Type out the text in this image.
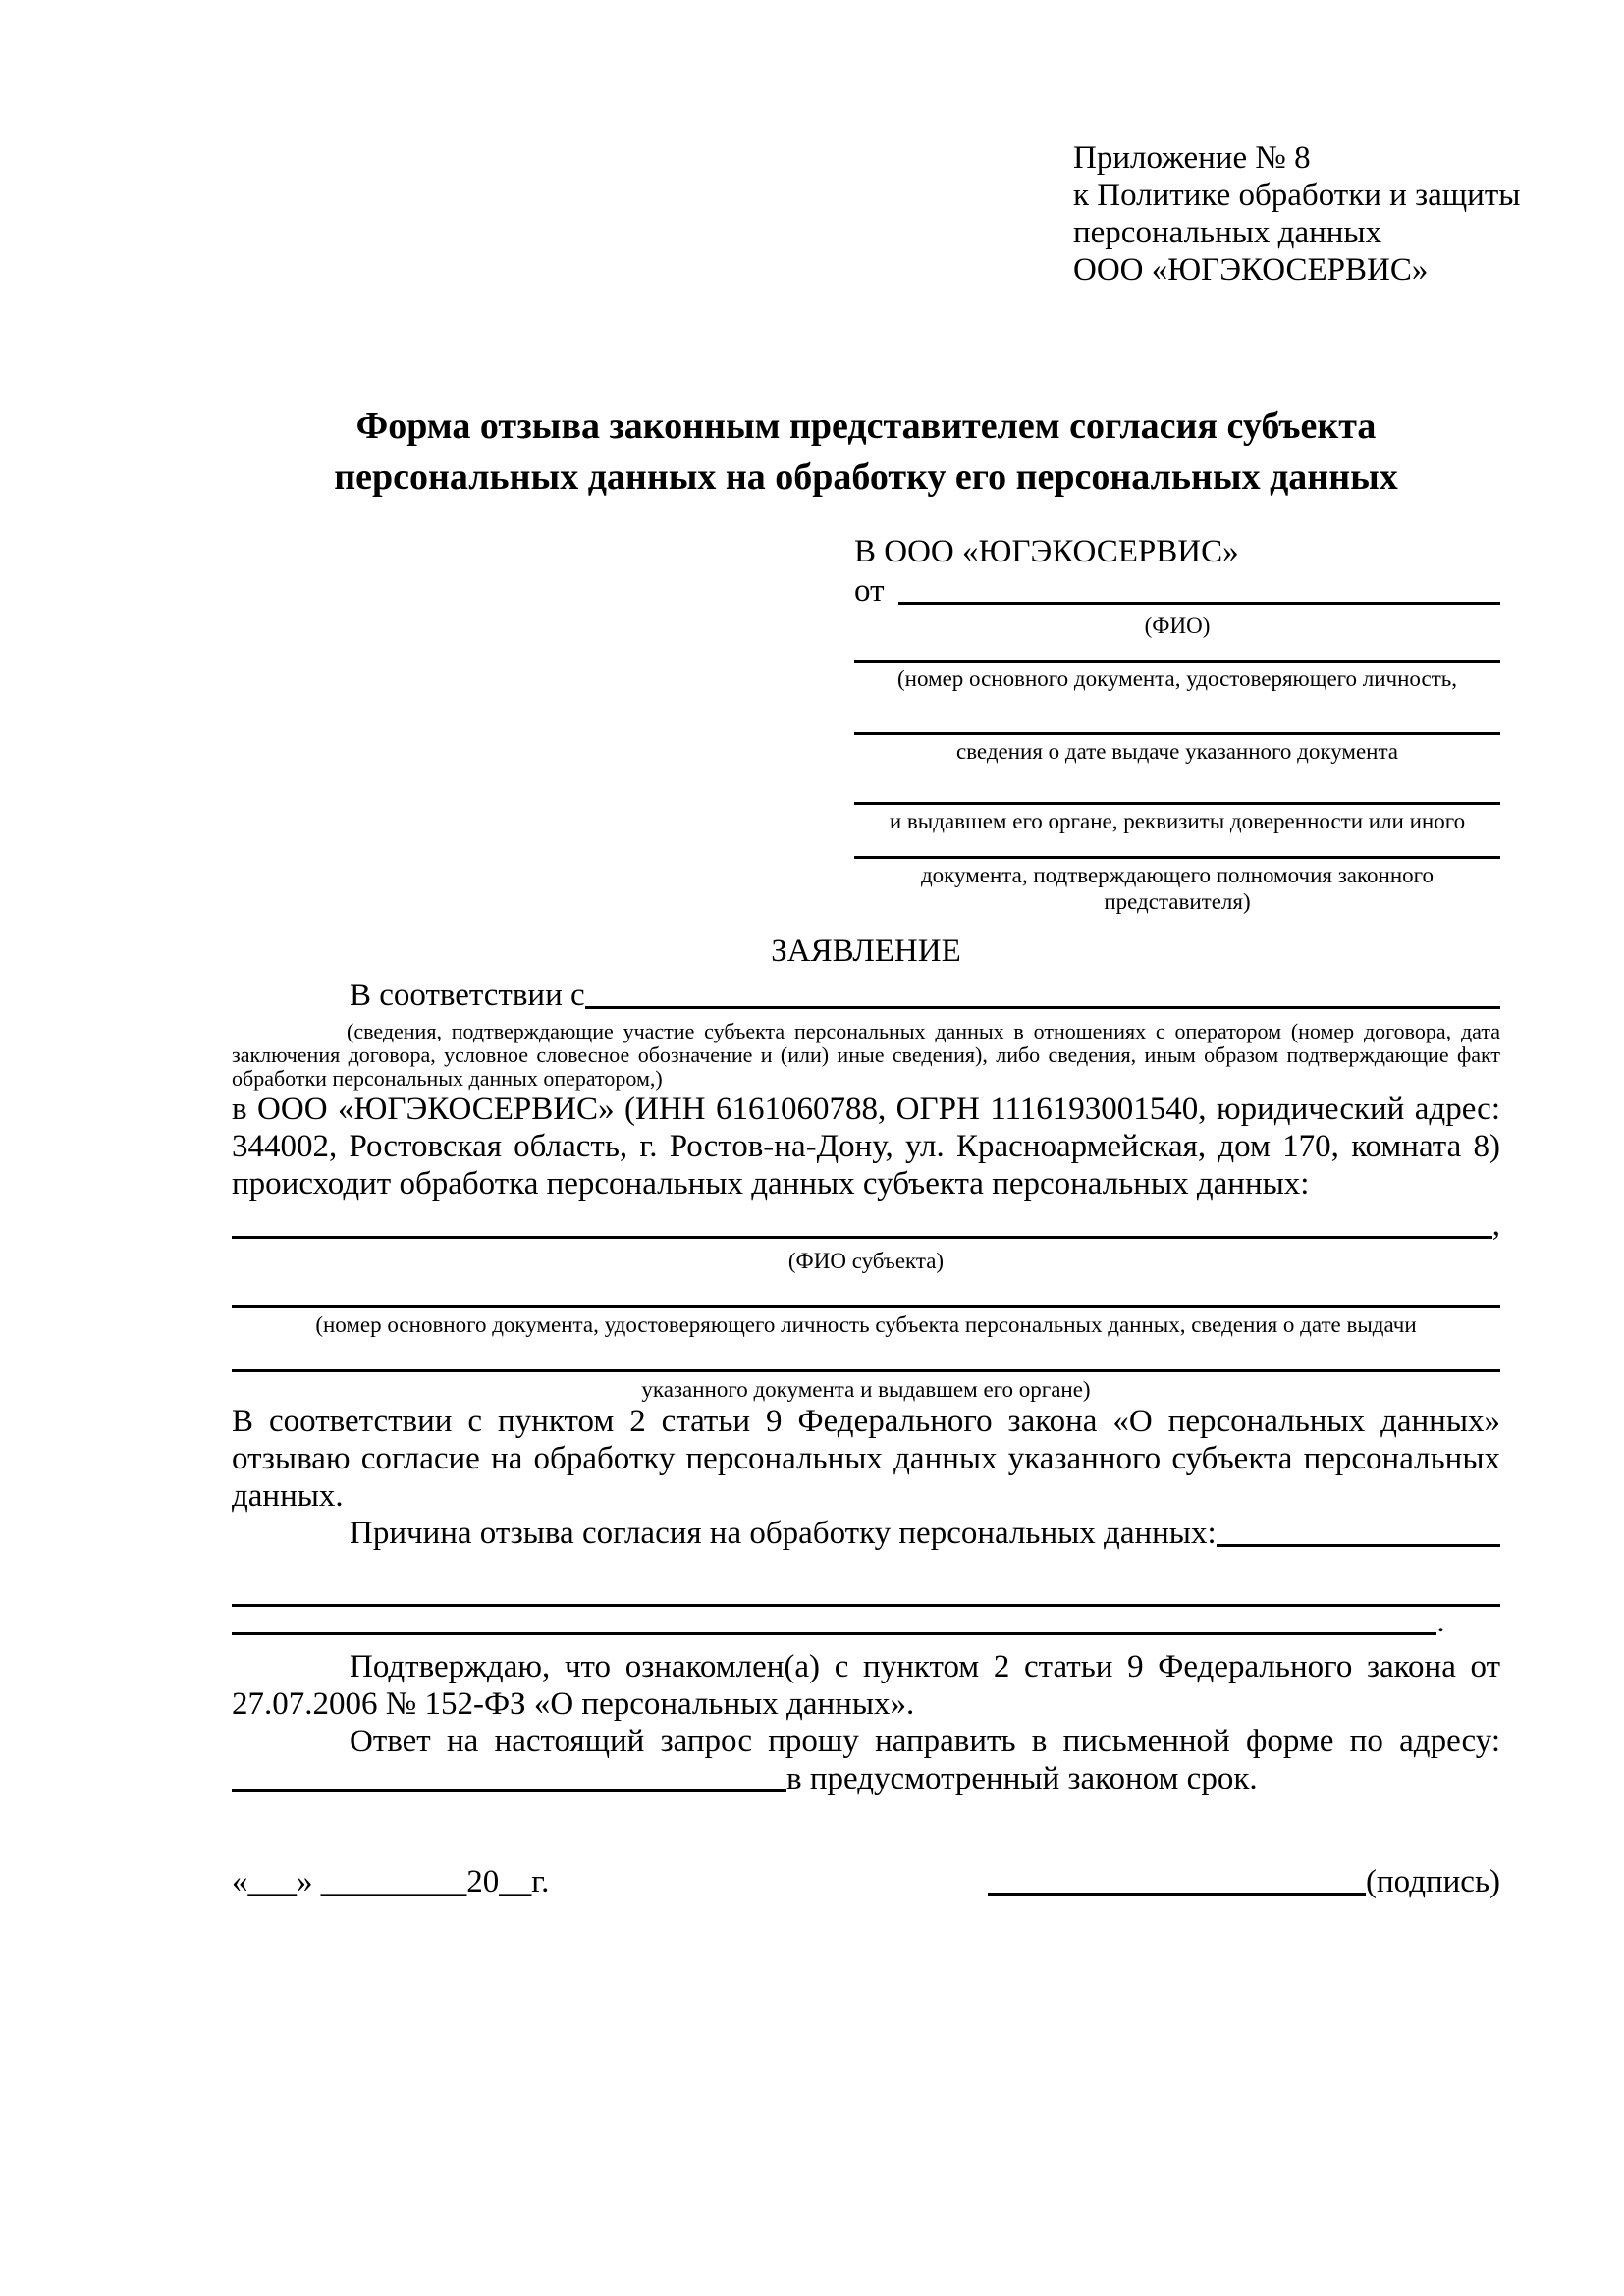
Приложение № 8
к Политике обработки и защиты
персональных данных
ООО «ЮГЭКОСЕРВИС»
Форма отзыва законным представителем согласия субъекта
персональных данных на обработку его персональных данных
В ООО «ЮГЭКОСЕРВИС»
от
(ФИО)
(номер основного документа, удостоверяющего личность,
сведения о дате выдаче указанного документа
и выдавшем его органе, реквизиты доверенности или иного
документа, подтверждающего полномочия законного представителя)
ЗАЯВЛЕНИЕ
В соответствии с
(сведения, подтверждающие участие субъекта персональных данных в отношениях с оператором (номер договора, дата заключения договора, условное словесное обозначение и (или) иные сведения), либо сведения, иным образом подтверждающие факт обработки персональных данных оператором,)

в ООО «ЮГЭКОСЕРВИС» (ИНН 6161060788, ОГРН 1116193001540, юридический адрес: 344002, Ростовская область, г. Ростов-на-Дону, ул. Красноармейская, дом 170, комната 8) происходит обработка персональных данных субъекта персональных данных:

,
(ФИО субъекта)
(номер основного документа, удостоверяющего личность субъекта персональных данных, сведения о дате выдачи
указанного документа и выдавшем его органе)

В соответствии с пунктом 2 статьи 9 Федерального закона «О персональных данных» отзываю согласие на обработку персональных данных указанного субъекта персональных данных.

Причина отзыва согласия на обработку персональных данных:
.

Подтверждаю, что ознакомлен(а) с пунктом 2 статьи 9 Федерального закона от 27.07.2006 № 152-ФЗ «О персональных данных».

Ответ на настоящий запрос прошу направить в письменной форме по адресу:

в предусмотренный законом срок.
«___» _________20__г.	(подпись)
